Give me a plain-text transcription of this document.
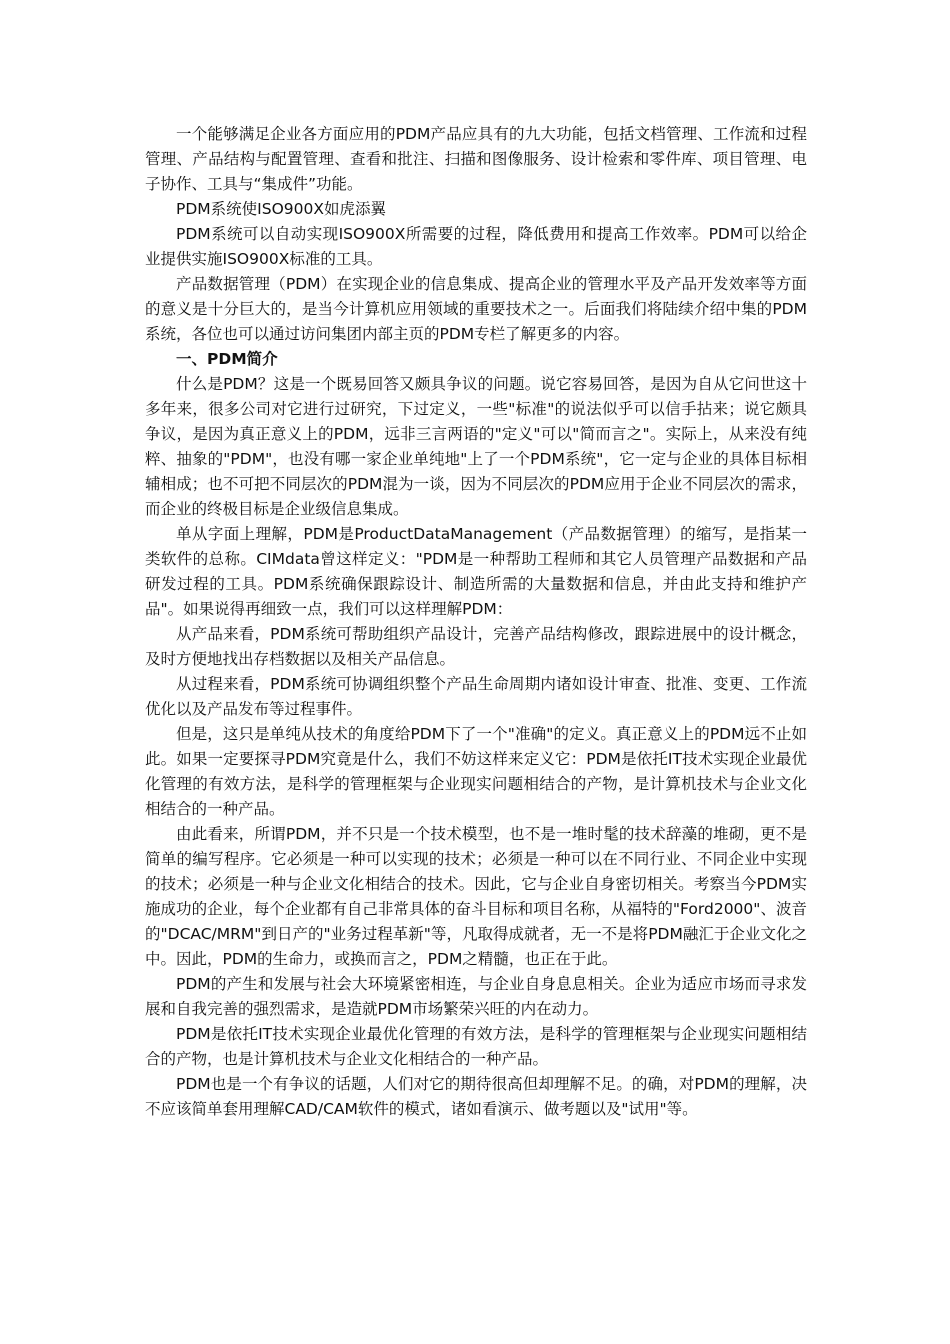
一个能够满足企业各方面应用的PDM产品应具有的九大功能，包括文档管理、工作流和过程管理、产品结构与配置管理、查看和批注、扫描和图像服务、设计检索和零件库、项目管理、电子协作、工具与“集成件”功能。

PDM系统使ISO900X如虎添翼

PDM系统可以自动实现ISO900X所需要的过程，降低费用和提高工作效率。PDM可以给企业提供实施ISO900X标准的工具。

产品数据管理（PDM）在实现企业的信息集成、提高企业的管理水平及产品开发效率等方面的意义是十分巨大的，是当今计算机应用领域的重要技术之一。后面我们将陆续介绍中集的PDM系统，各位也可以通过访问集团内部主页的PDM专栏了解更多的内容。

一、PDM简介

什么是PDM？这是一个既易回答又颇具争议的问题。说它容易回答，是因为自从它问世这十多年来，很多公司对它进行过研究，下过定义，一些"标准"的说法似乎可以信手拈来；说它颇具争议，是因为真正意义上的PDM，远非三言两语的"定义"可以"简而言之"。实际上，从来没有纯粹、抽象的"PDM"，也没有哪一家企业单纯地"上了一个PDM系统"，它一定与企业的具体目标相辅相成；也不可把不同层次的PDM混为一谈，因为不同层次的PDM应用于企业不同层次的需求，而企业的终极目标是企业级信息集成。

单从字面上理解，PDM是ProductDataManagement（产品数据管理）的缩写，是指某一类软件的总称。CIMdata曾这样定义："PDM是一种帮助工程师和其它人员管理产品数据和产品研发过程的工具。PDM系统确保跟踪设计、制造所需的大量数据和信息，并由此支持和维护产品"。如果说得再细致一点，我们可以这样理解PDM：

从产品来看，PDM系统可帮助组织产品设计，完善产品结构修改，跟踪进展中的设计概念，及时方便地找出存档数据以及相关产品信息。

从过程来看，PDM系统可协调组织整个产品生命周期内诸如设计审查、批准、变更、工作流优化以及产品发布等过程事件。

但是，这只是单纯从技术的角度给PDM下了一个"准确"的定义。真正意义上的PDM远不止如此。如果一定要探寻PDM究竟是什么，我们不妨这样来定义它：PDM是依托IT技术实现企业最优化管理的有效方法，是科学的管理框架与企业现实问题相结合的产物，是计算机技术与企业文化相结合的一种产品。

由此看来，所谓PDM，并不只是一个技术模型，也不是一堆时髦的技术辞藻的堆砌，更不是简单的编写程序。它必须是一种可以实现的技术；必须是一种可以在不同行业、不同企业中实现的技术；必须是一种与企业文化相结合的技术。因此，它与企业自身密切相关。考察当今PDM实施成功的企业，每个企业都有自己非常具体的奋斗目标和项目名称，从福特的"Ford2000"、波音的"DCAC/MRM"到日产的"业务过程革新"等，凡取得成就者，无一不是将PDM融汇于企业文化之中。因此，PDM的生命力，或换而言之，PDM之精髓，也正在于此。

PDM的产生和发展与社会大环境紧密相连，与企业自身息息相关。企业为适应市场而寻求发展和自我完善的强烈需求，是造就PDM市场繁荣兴旺的内在动力。

PDM是依托IT技术实现企业最优化管理的有效方法，是科学的管理框架与企业现实问题相结合的产物，也是计算机技术与企业文化相结合的一种产品。

PDM也是一个有争议的话题，人们对它的期待很高但却理解不足。的确，对PDM的理解，决不应该简单套用理解CAD/CAM软件的模式，诸如看演示、做考题以及"试用"等。
